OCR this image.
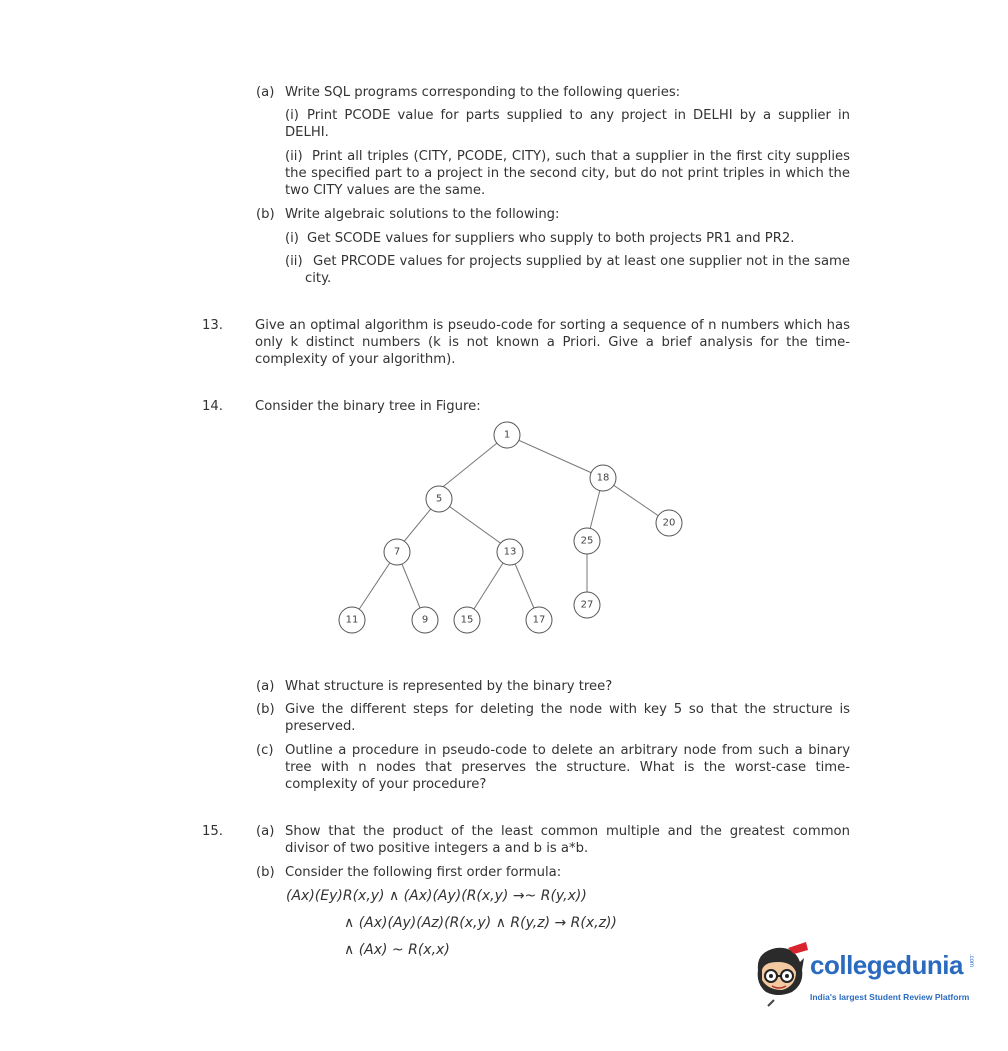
(a) Write SQL programs corresponding to the following queries:
(i) Print PCODE value for parts supplied to any project in DELHI by a supplier in DELHI.
(ii) Print all triples (CITY, PCODE, CITY), such that a supplier in the first city supplies the specified part to a project in the second city, but do not print triples in which the two CITY values are the same.
(b) Write algebraic solutions to the following:
(i) Get SCODE values for suppliers who supply to both projects PR1 and PR2.
(ii) Get PRCODE values for projects supplied by at least one supplier not in the same city.
13. Give an optimal algorithm is pseudo-code for sorting a sequence of n numbers which has only k distinct numbers (k is not known a Priori. Give a brief analysis for the time-complexity of your algorithm).
14. Consider the binary tree in Figure:
1
18
5
20
25
7	13
27
11	9	15	17
(a) What structure is represented by the binary tree?
(b) Give the different steps for deleting the node with key 5 so that the structure is preserved.
(c) Outline a procedure in pseudo-code to delete an arbitrary node from such a binary tree with n nodes that preserves the structure. What is the worst-case time-complexity of your procedure?
15.	(a) Show that the product of the least common multiple and the greatest common divisor of two positive integers a and b is a*b.
(b) Consider the following first order formula:
(Ax)(Ey)R(x,y) ∧ (Ax)(Ay)(R(x,y) →~ R(y,x))
∧ (Ax)(Ay)(Az)(R(x,y) ∧ R(y,z) → R(x,z))
∧ (Ax) ~ R(x,x)	collegedunia .com
India's largest Student Review Platform
